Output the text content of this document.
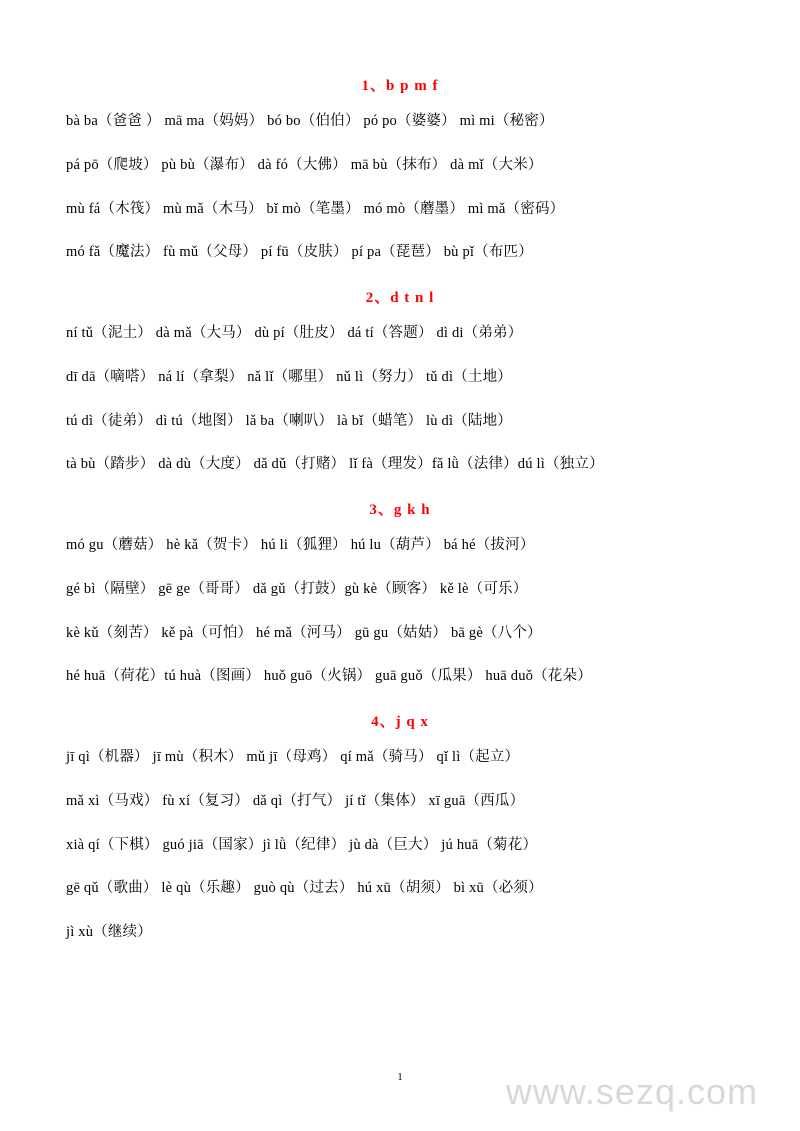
1、b p m f
bà ba（爸爸 ） mā ma（妈妈） bó bo（伯伯） pó po（婆婆） mì mi（秘密）
pá pō（爬坡） pù bù（瀑布） dà fó（大佛） mā bù（抹布） dà mǐ（大米）
mù fá（木筏） mù mǎ（木马） bǐ mò（笔墨） mó mò（蘑墨） mì mǎ（密码）
mó fǎ（魔法） fù mǔ（父母） pí fū（皮肤） pí pa（琵琶） bù pǐ（布匹）
2、d t n l
ní tǔ（泥土） dà mǎ（大马） dù pí（肚皮） dá tí（答题） dì di（弟弟）
dī dā（嘀嗒） ná lí（拿梨） nǎ lǐ（哪里） nǔ lì（努力） tǔ dì（土地）
tú dì（徒弟） dì tú（地图） lǎ ba（喇叭） là bǐ（蜡笔） lù dì（陆地）
tà bù（踏步） dà dù（大度） dǎ dǔ（打赌） lǐ fà（理发）fǎ lǜ（法律）dú lì（独立）
3、g k h
mó gu（蘑菇） hè kǎ（贺卡） hú li（狐狸） hú lu（葫芦） bá hé（拔河）
gé bì（隔壁） gē ge（哥哥） dǎ gǔ（打鼓）gù kè（顾客） kě lè（可乐）
kè kǔ（刻苦） kě pà（可怕） hé mǎ（河马） gū gu（姑姑） bā gè（八个）
hé huā（荷花）tú huà（图画） huǒ guō（火锅） guā guǒ（瓜果） huā duǒ（花朵）
4、j q x
jī qì（机器） jī mù（积木） mǔ jī（母鸡） qí mǎ（骑马） qǐ lì（起立）
mǎ xì（马戏） fù xí（复习） dǎ qì（打气） jí tǐ（集体） xī guā（西瓜）
xià qí（下棋） guó jiā（国家）jì lǜ（纪律） jù dà（巨大） jú huā（菊花）
gē qǔ（歌曲） lè qù（乐趣） guò qù（过去） hú xū（胡须） bì xū（必须）
jì xù（继续）
1	www.sezq.com
